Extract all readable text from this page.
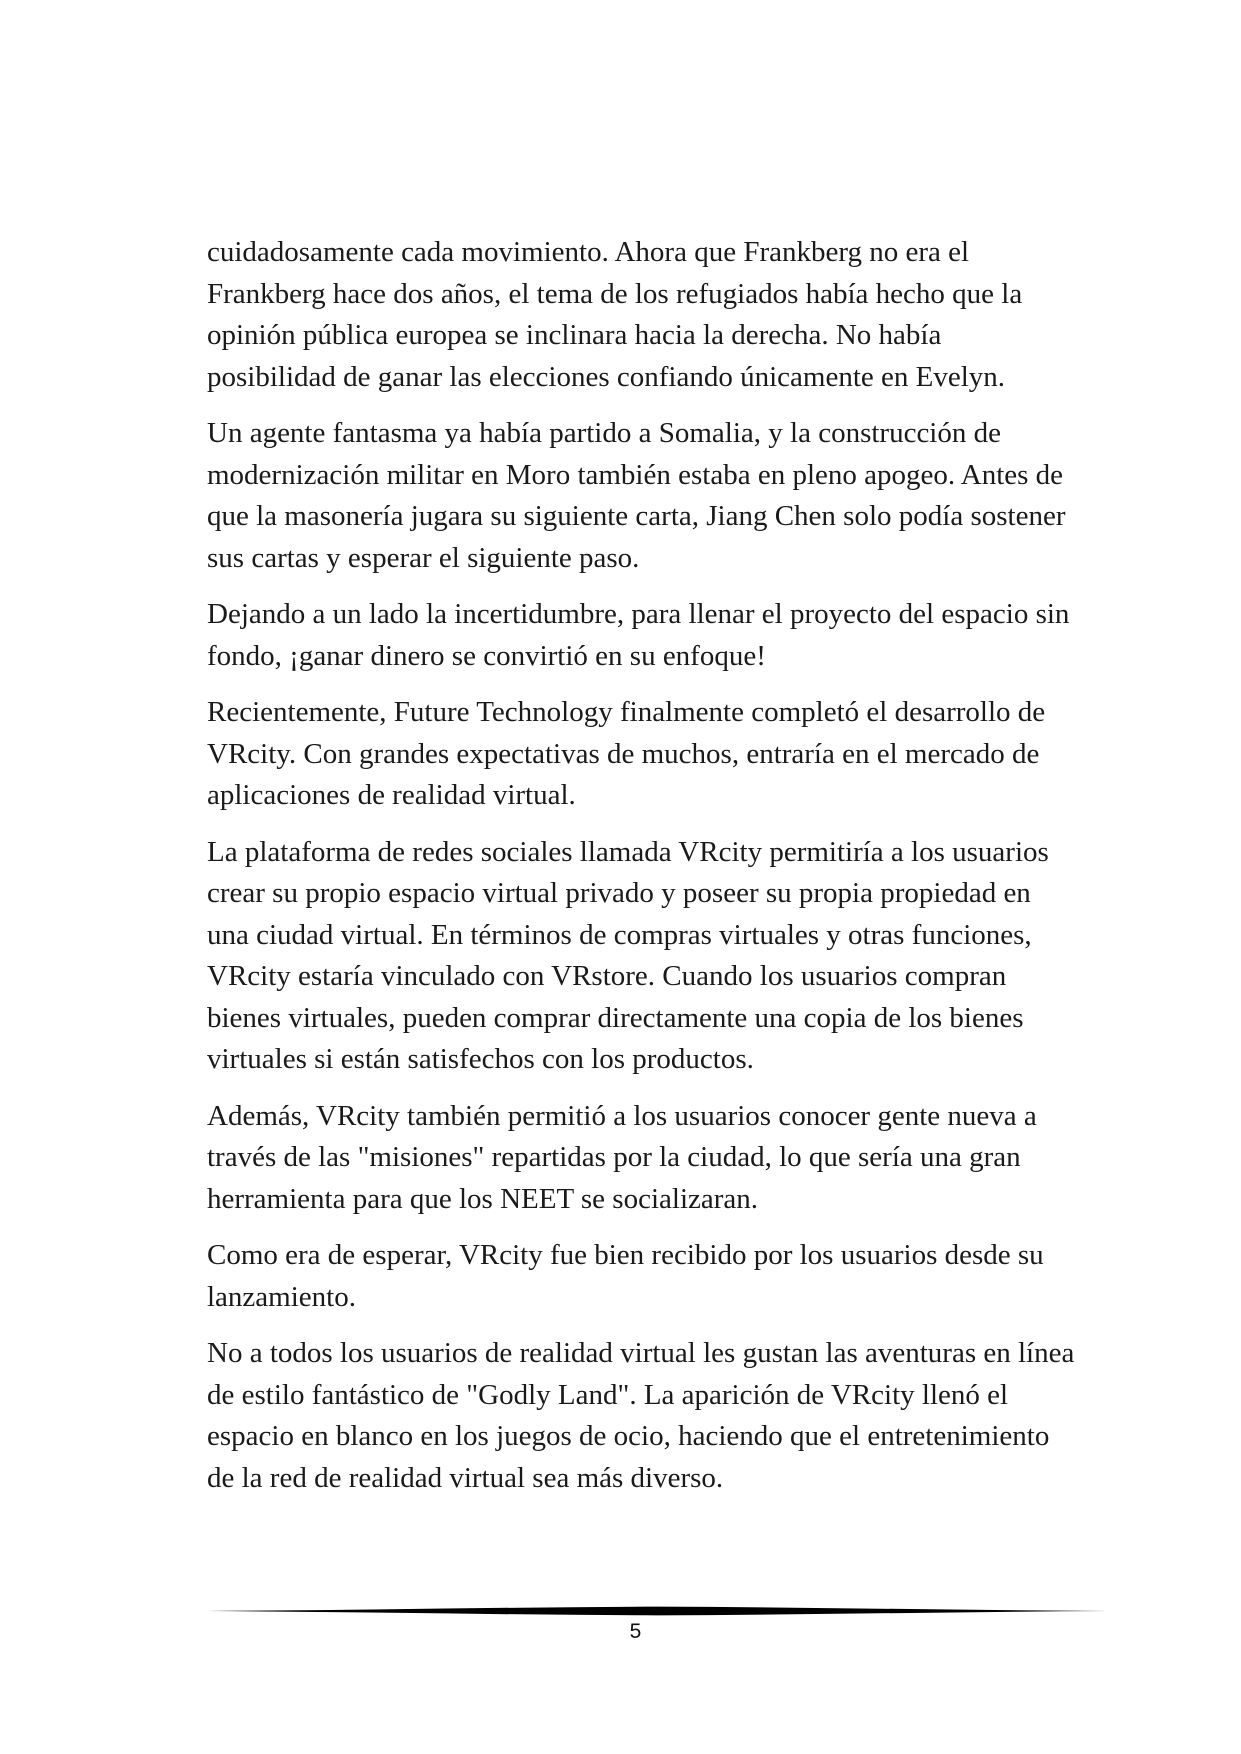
cuidadosamente cada movimiento. Ahora que Frankberg no era el Frankberg hace dos años, el tema de los refugiados había hecho que la opinión pública europea se inclinara hacia la derecha. No había posibilidad de ganar las elecciones confiando únicamente en Evelyn.

Un agente fantasma ya había partido a Somalia, y la construcción de modernización militar en Moro también estaba en pleno apogeo. Antes de que la masonería jugara su siguiente carta, Jiang Chen solo podía sostener sus cartas y esperar el siguiente paso.

Dejando a un lado la incertidumbre, para llenar el proyecto del espacio sin fondo, ¡ganar dinero se convirtió en su enfoque!

Recientemente, Future Technology finalmente completó el desarrollo de VRcity. Con grandes expectativas de muchos, entraría en el mercado de aplicaciones de realidad virtual.

La plataforma de redes sociales llamada VRcity permitiría a los usuarios crear su propio espacio virtual privado y poseer su propia propiedad en una ciudad virtual. En términos de compras virtuales y otras funciones, VRcity estaría vinculado con VRstore. Cuando los usuarios compran bienes virtuales, pueden comprar directamente una copia de los bienes virtuales si están satisfechos con los productos.

Además, VRcity también permitió a los usuarios conocer gente nueva a través de las "misiones" repartidas por la ciudad, lo que sería una gran herramienta para que los NEET se socializaran.

Como era de esperar, VRcity fue bien recibido por los usuarios desde su lanzamiento.

No a todos los usuarios de realidad virtual les gustan las aventuras en línea de estilo fantástico de "Godly Land". La aparición de VRcity llenó el espacio en blanco en los juegos de ocio, haciendo que el entretenimiento de la red de realidad virtual sea más diverso.

5
